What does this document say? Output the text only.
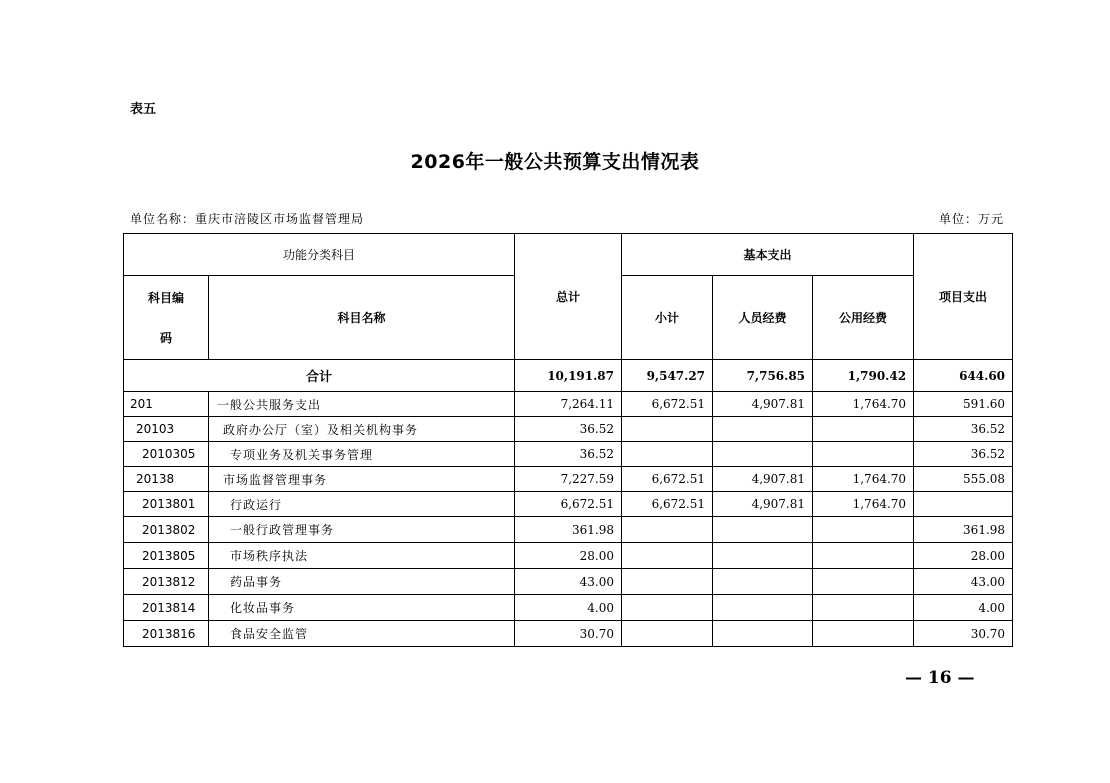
表五
2026年一般公共预算支出情况表
单位名称：重庆市涪陵区市场监督管理局	单位：万元
功能分类科目		总计	基本支出			项目支出

科目编
码	科目名称		小计	人员经费	公用经费	
合计		10,191.87	9,547.27	7,756.85	1,790.42	644.60
201	一般公共服务支出	7,264.11	6,672.51	4,907.81	1,764.70	591.60
20103	政府办公厅（室）及相关机构事务	36.52				36.52
2010305	专项业务及机关事务管理	36.52				36.52
20138	市场监督管理事务	7,227.59	6,672.51	4,907.81	1,764.70	555.08
2013801	行政运行	6,672.51	6,672.51	4,907.81	1,764.70	
2013802	一般行政管理事务	361.98				361.98
2013805	市场秩序执法	28.00				28.00
2013812	药品事务	43.00				43.00
2013814	化妆品事务	4.00				4.00
2013816	食品安全监管	30.70				30.70
— 16 —
